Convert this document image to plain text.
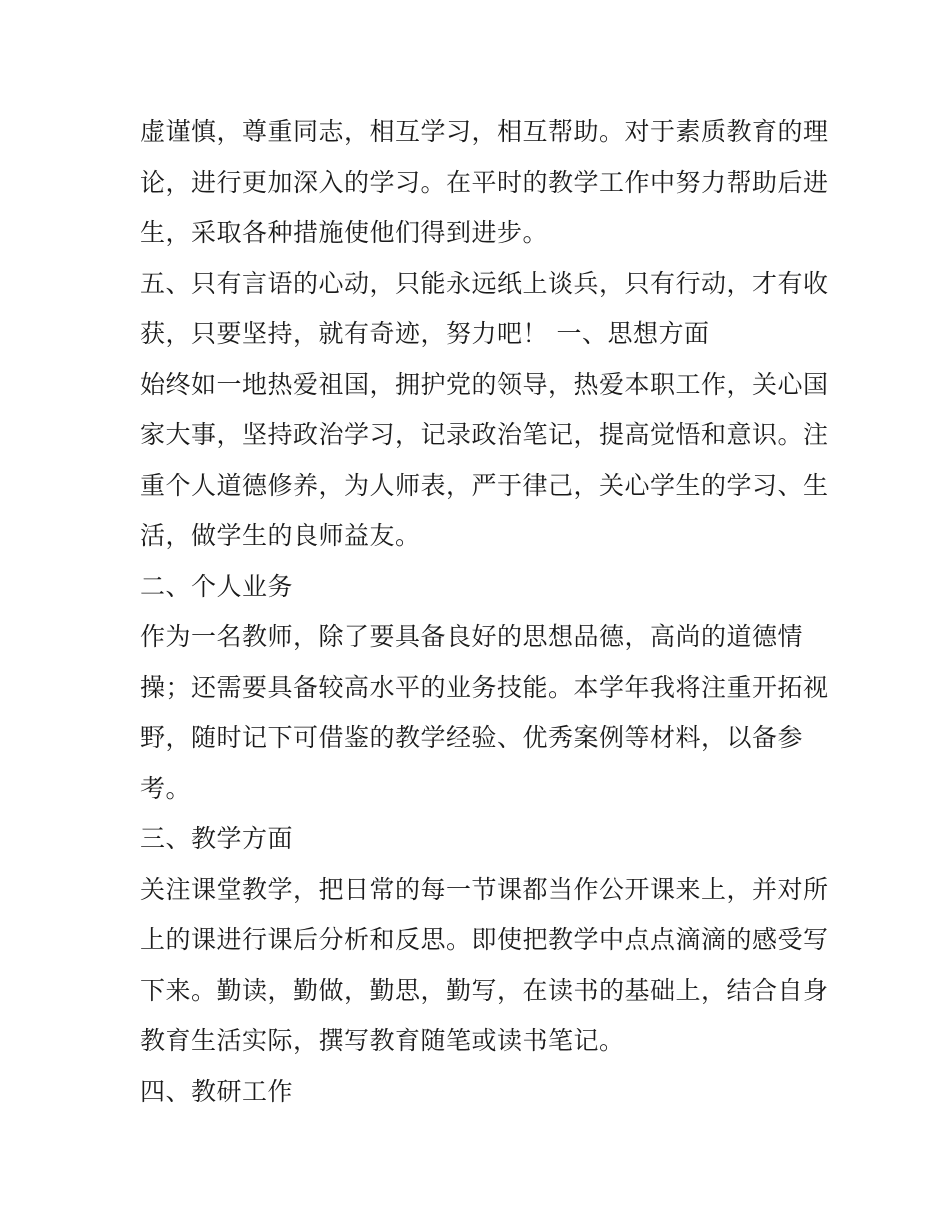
虚谨慎，尊重同志，相互学习，相互帮助。对于素质教育的理
论，进行更加深入的学习。在平时的教学工作中努力帮助后进
生，采取各种措施使他们得到进步。
五、只有言语的心动，只能永远纸上谈兵，只有行动，才有收
获，只要坚持，就有奇迹，努力吧！ 一、思想方面
始终如一地热爱祖国，拥护党的领导，热爱本职工作，关心国
家大事，坚持政治学习，记录政治笔记，提高觉悟和意识。注
重个人道德修养，为人师表，严于律己，关心学生的学习、生
活，做学生的良师益友。
二、个人业务
作为一名教师，除了要具备良好的思想品德，高尚的道德情
操；还需要具备较高水平的业务技能。本学年我将注重开拓视
野，随时记下可借鉴的教学经验、优秀案例等材料，以备参
考。
三、教学方面
关注课堂教学，把日常的每一节课都当作公开课来上，并对所
上的课进行课后分析和反思。即使把教学中点点滴滴的感受写
下来。勤读，勤做，勤思，勤写，在读书的基础上，结合自身
教育生活实际，撰写教育随笔或读书笔记。
四、教研工作
